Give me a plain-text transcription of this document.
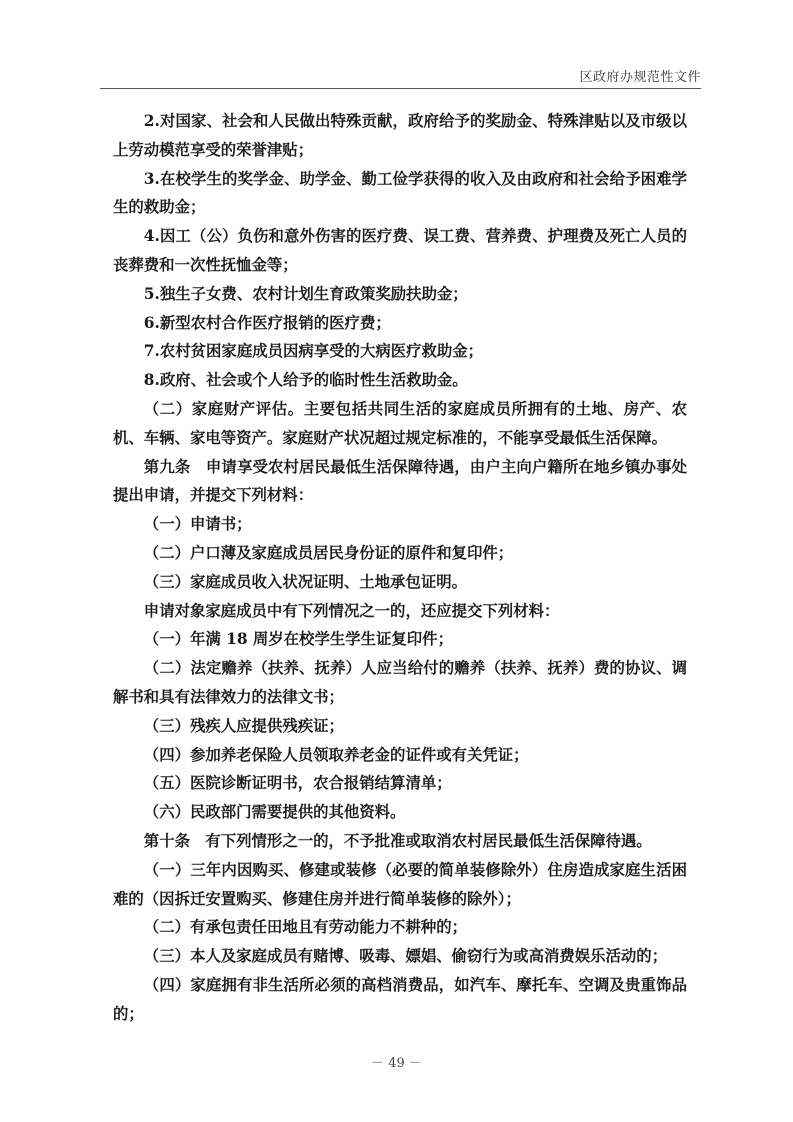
区政府办规范性文件

2.对国家、社会和人民做出特殊贡献，政府给予的奖励金、特殊津贴以及市级以上劳动模范享受的荣誉津贴；

3.在校学生的奖学金、助学金、勤工俭学获得的收入及由政府和社会给予困难学生的救助金；

4.因工（公）负伤和意外伤害的医疗费、误工费、营养费、护理费及死亡人员的丧葬费和一次性抚恤金等；

5.独生子女费、农村计划生育政策奖励扶助金；

6.新型农村合作医疗报销的医疗费；

7.农村贫困家庭成员因病享受的大病医疗救助金；

8.政府、社会或个人给予的临时性生活救助金。

（二）家庭财产评估。主要包括共同生活的家庭成员所拥有的土地、房产、农机、车辆、家电等资产。家庭财产状况超过规定标准的，不能享受最低生活保障。

第九条　申请享受农村居民最低生活保障待遇，由户主向户籍所在地乡镇办事处提出申请，并提交下列材料：

（一）申请书；

（二）户口薄及家庭成员居民身份证的原件和复印件；

（三）家庭成员收入状况证明、土地承包证明。

申请对象家庭成员中有下列情况之一的，还应提交下列材料：

（一）年满 18 周岁在校学生学生证复印件；

（二）法定赡养（扶养、抚养）人应当给付的赡养（扶养、抚养）费的协议、调解书和具有法律效力的法律文书；

（三）残疾人应提供残疾证；

（四）参加养老保险人员领取养老金的证件或有关凭证；

（五）医院诊断证明书，农合报销结算清单；

（六）民政部门需要提供的其他资料。

第十条　有下列情形之一的，不予批准或取消农村居民最低生活保障待遇。

（一）三年内因购买、修建或装修（必要的简单装修除外）住房造成家庭生活困难的（因拆迁安置购买、修建住房并进行简单装修的除外）；

（二）有承包责任田地且有劳动能力不耕种的；

（三）本人及家庭成员有赌博、吸毒、嫖娼、偷窃行为或高消费娱乐活动的；

（四）家庭拥有非生活所必须的高档消费品，如汽车、摩托车、空调及贵重饰品的；

－ 49 －
